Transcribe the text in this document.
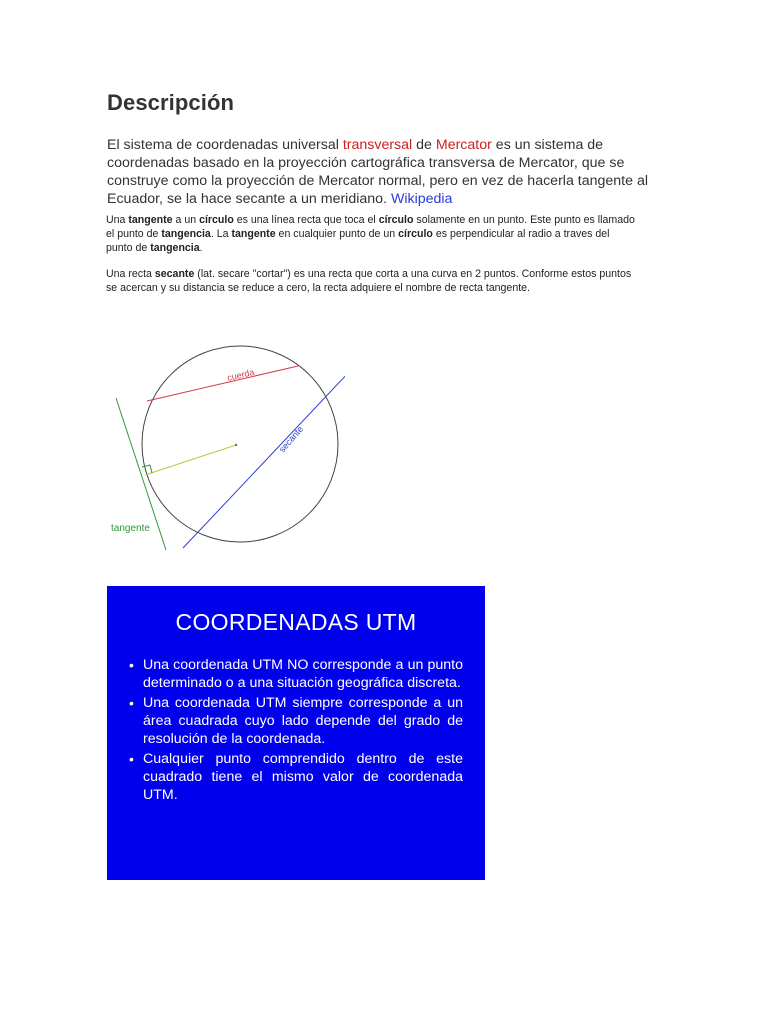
Descripción
El sistema de coordenadas universal transversal de Mercator es un sistema de coordenadas basado en la proyección cartográfica transversa de Mercator, que se construye como la proyección de Mercator normal, pero en vez de hacerla tangente al Ecuador, se la hace secante a un meridiano. Wikipedia
Una tangente a un círculo es una línea recta que toca el círculo solamente en un punto. Este punto es llamado el punto de tangencia. La tangente en cualquier punto de un círculo es perpendicular al radio a traves del punto de tangencia.
Una recta secante (lat. secare "cortar") es una recta que corta a una curva en 2 puntos. Conforme estos puntos se acercan y su distancia se reduce a cero, la recta adquiere el nombre de recta tangente.
cuerda
secante
tangente
COORDENADAS UTM
• Una coordenada UTM NO corresponde a un punto determinado o a una situación geográfica discreta.
• Una coordenada UTM siempre corresponde a un área cuadrada cuyo lado depende del grado de resolución de la coordenada.
• Cualquier punto comprendido dentro de este cuadrado tiene el mismo valor de coordenada UTM.
